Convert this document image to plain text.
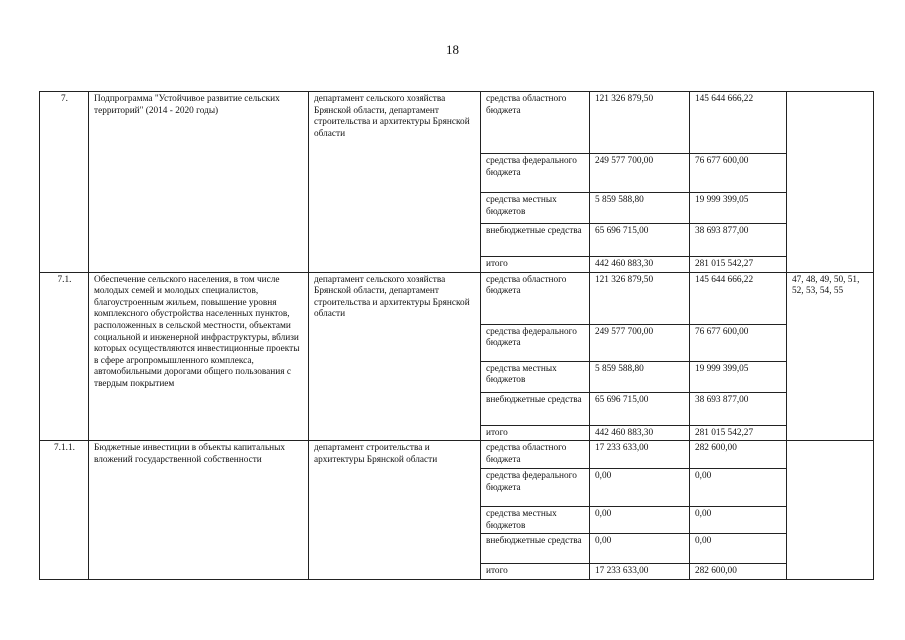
18
7.	Подпрограмма "Устойчивое развитие сельских территорий" (2014 - 2020 годы)	департамент сельского хозяйства Брянской области, департамент строительства и архитектуры Брянской области	средства областного бюджета	121 326 879,50	145 644 666,22	
			средства федерального бюджета	249 577 700,00	76 677 600,00	
			средства местных бюджетов	5 859 588,80	19 999 399,05	
			внебюджетные средства	65 696 715,00	38 693 877,00	
			итого	442 460 883,30	281 015 542,27	
7.1.	Обеспечение сельского населения, в том числе молодых семей и молодых специалистов, благоустроенным жильем, повышение уровня комплексного обустройства населенных пунктов, расположенных в сельской местности, объектами социальной и инженерной инфраструктуры, вблизи которых осуществляются инвестиционные проекты в сфере агропромышленного комплекса, автомобильными дорогами общего пользования с твердым покрытием	департамент сельского хозяйства Брянской области, департамент строительства и архитектуры Брянской области	средства областного бюджета	121 326 879,50	145 644 666,22	47, 48, 49, 50, 51, 52, 53, 54, 55
			средства федерального бюджета	249 577 700,00	76 677 600,00	
			средства местных бюджетов	5 859 588,80	19 999 399,05	
			внебюджетные средства	65 696 715,00	38 693 877,00	
			итого	442 460 883,30	281 015 542,27	
7.1.1.	Бюджетные инвестиции в объекты капитальных вложений государственной собственности	департамент строительства и архитектуры Брянской области	средства областного бюджета	17 233 633,00	282 600,00	
			средства федерального бюджета	0,00	0,00	
			средства местных бюджетов	0,00	0,00	
			внебюджетные средства	0,00	0,00	
			итого	17 233 633,00	282 600,00	
